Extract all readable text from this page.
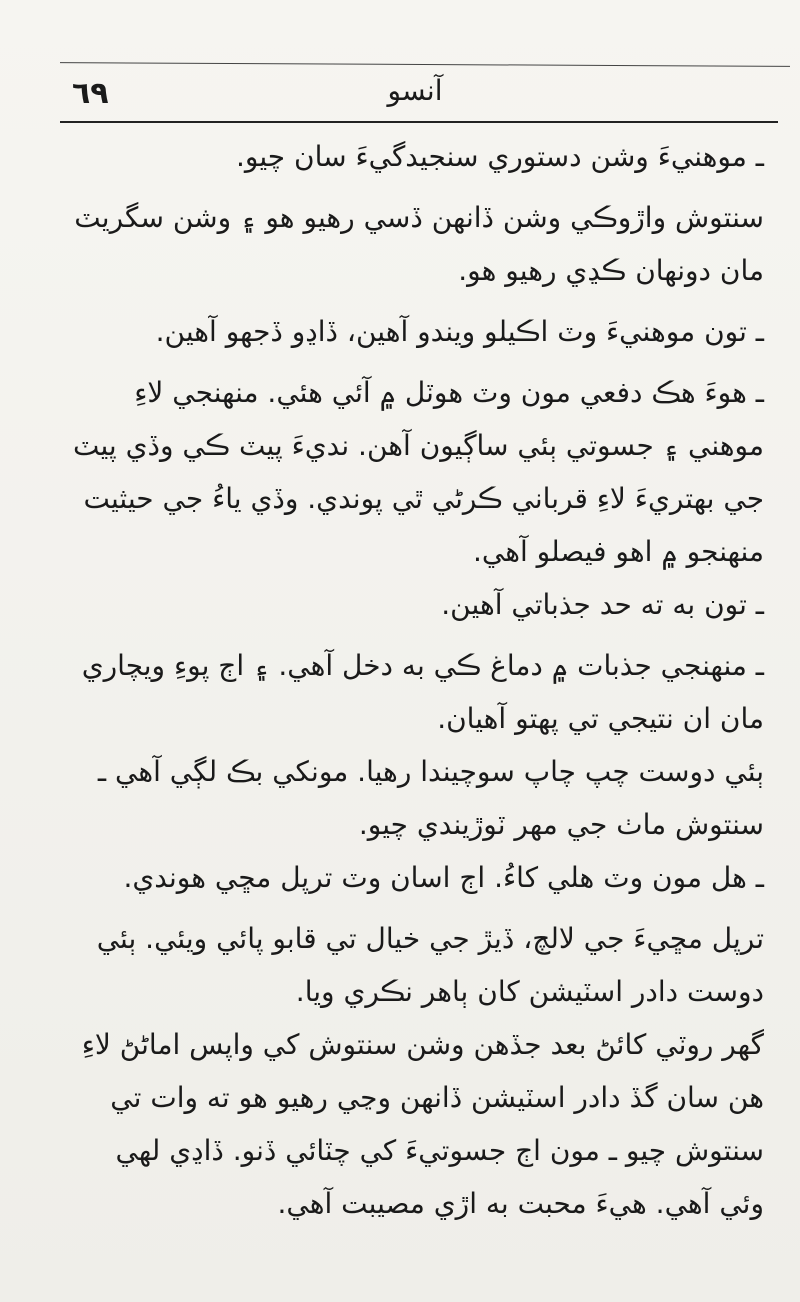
آنسو
٦٩

ـ موهنيءَ وشن دستوري سنجيدگيءَ سان چيو.

سنتوش واڙوڪي وشن ڏانهن ڏسي رهيو هو ۽ وشن سگريٽ مان دونهان ڪڍي رهيو هو.

ـ تون موهنيءَ وٽ اڪيلو ويندو آهين، ڏاڍو ڏجهو آهين.

ـ هوءَ هڪ دفعي مون وٽ هوٽل ۾ آئي هئي. منهنجي لاءِ موهني ۽ جسوتي ٻئي ساڳيون آهن. نديءَ پيٽ ڪي وڏي پيٽ جي بهتريءَ لاءِ قرباني ڪرڻي ٿي پوندي. وڏي ياءُ جي حيثيت منهنجو ۾ اهو فيصلو آهي.

ـ تون به ته حد جذباتي آهين.

ـ منهنجي جذبات ۾ دماغ ڪي به دخل آهي. ۽ اڄ پوءِ ويچاري مان ان نتيجي تي پهتو آهيان.

ٻئي دوست چپ چاپ سوچيندا رهيا. مونکي بڪ لڳي آهي ـ سنتوش ماٺ جي مهر ٽوڙيندي چيو.

ـ هل مون وٽ هلي کاءُ. اڄ اسان وٽ ترپل مڇي هوندي.

ترپل مڇيءَ جي لالچ، ڏيڙ جي خيال تي قابو پائي ويئي. ٻئي دوست دادر اسٽيشن کان ٻاهر نڪري ويا.

گهر روٽي کائڻ بعد جڏهن وشن سنتوش کي واپس اماڻڻ لاءِ هن سان گڏ دادر اسٽيشن ڏانهن وڃي رهيو هو ته وات تي سنتوش چيو ـ مون اڄ جسوتيءَ کي چٽائي ڏنو. ڏاڍي لهي وئي آهي. هيءَ محبت به اڙي مصيبت آهي.
